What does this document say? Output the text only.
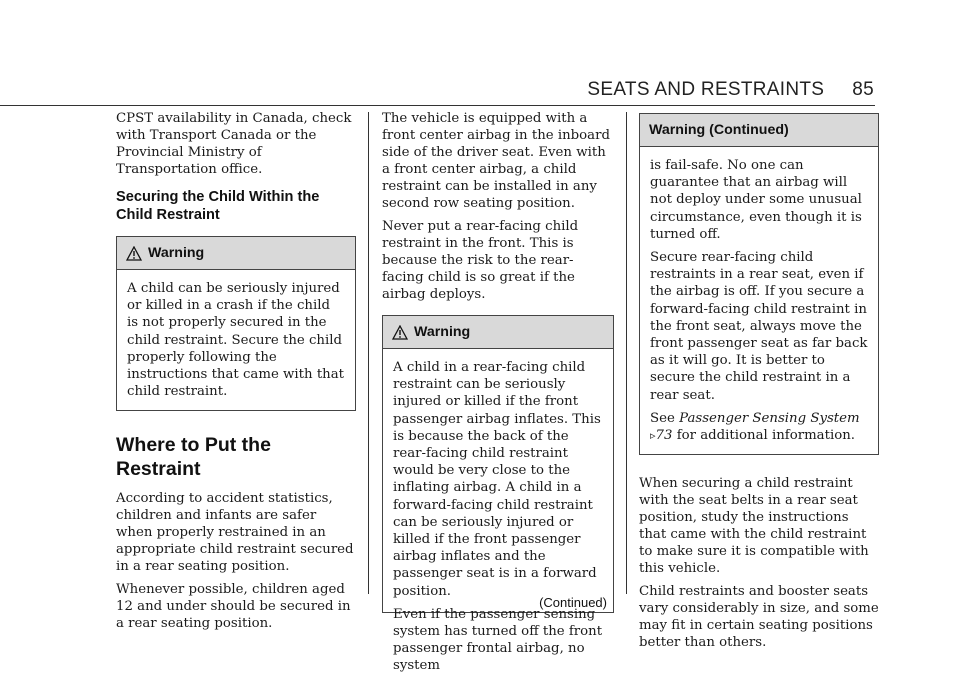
SEATS AND RESTRAINTS 85

CPST availability in Canada, check with Transport Canada or the Provincial Ministry of Transportation office.

Securing the Child Within the Child Restraint
Warning

A child can be seriously injured or killed in a crash if the child is not properly secured in the child restraint. Secure the child properly following the instructions that came with that child restraint.

Where to Put the Restraint

According to accident statistics, children and infants are safer when properly restrained in an appropriate child restraint secured in a rear seating position.

Whenever possible, children aged 12 and under should be secured in a rear seating position.

The vehicle is equipped with a front center airbag in the inboard side of the driver seat. Even with a front center airbag, a child restraint can be installed in any second row seating position.

Never put a rear-facing child restraint in the front. This is because the risk to the rear-facing child is so great if the airbag deploys.

Warning

A child in a rear-facing child restraint can be seriously injured or killed if the front passenger airbag inflates. This is because the back of the rear-facing child restraint would be very close to the inflating airbag. A child in a forward-facing child restraint can be seriously injured or killed if the front passenger airbag inflates and the passenger seat is in a forward position.

Even if the passenger sensing system has turned off the front passenger frontal airbag, no system

(Continued)
Warning (Continued)

is fail-safe. No one can guarantee that an airbag will not deploy under some unusual circumstance, even though it is turned off.

Secure rear-facing child restraints in a rear seat, even if the airbag is off. If you secure a forward-facing child restraint in the front seat, always move the front passenger seat as far back as it will go. It is better to secure the child restraint in a rear seat.

See Passenger Sensing System ▹73 for additional information.

When securing a child restraint with the seat belts in a rear seat position, study the instructions that came with the child restraint to make sure it is compatible with this vehicle.

Child restraints and booster seats vary considerably in size, and some may fit in certain seating positions better than others.
